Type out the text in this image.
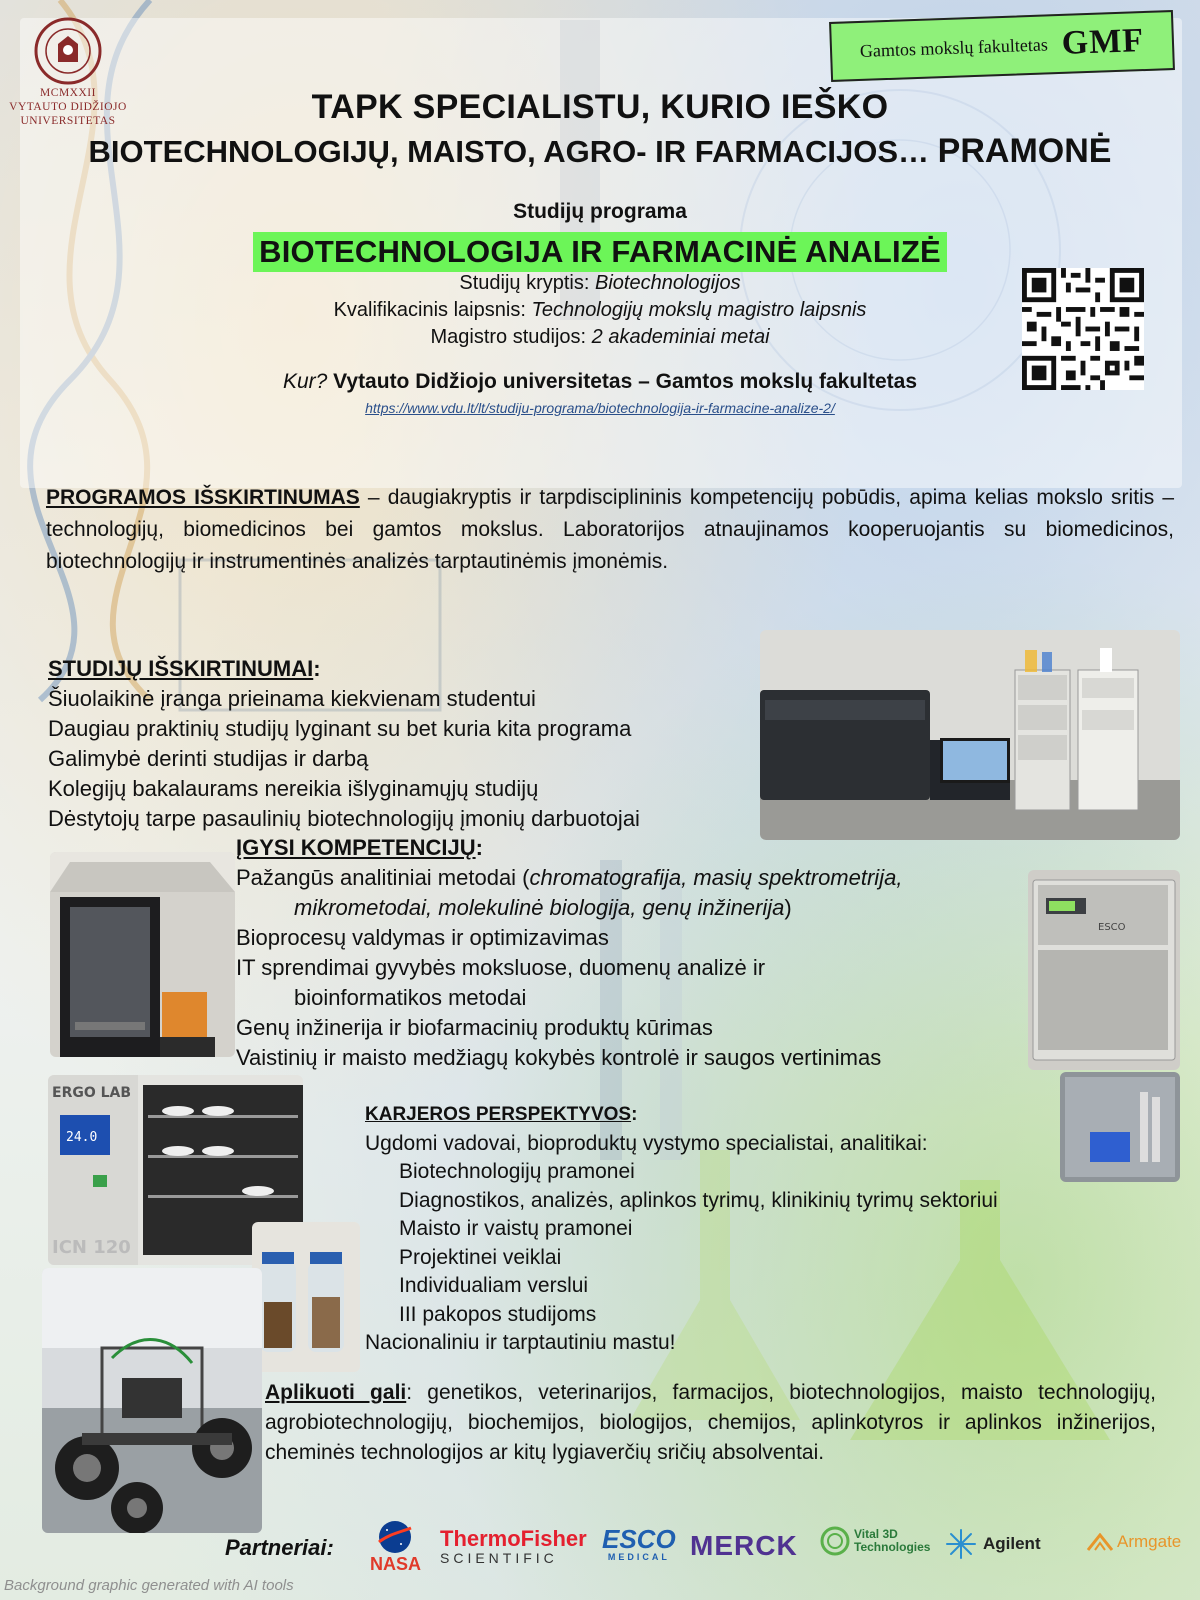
MCMXXII
VYTAUTO DIDŽIOJO
UNIVERSITETAS
Gamtos mokslų fakultetas GMF
TAPK SPECIALISTU, KURIO IEŠKO
BIOTECHNOLOGIJŲ, MAISTO, AGRO- IR FARMACIJOS… PRAMONĖ
Studijų programa
BIOTECHNOLOGIJA IR FARMACINĖ ANALIZĖ
Studijų kryptis: Biotechnologijos
Kvalifikacinis laipsnis: Technologijų mokslų magistro laipsnis
Magistro studijos: 2 akademiniai metai
Kur? Vytauto Didžiojo universitetas – Gamtos mokslų fakultetas
https://www.vdu.lt/lt/studiju-programa/biotechnologija-ir-farmacine-analize-2/
PROGRAMOS IŠSKIRTINUMAS – daugiakryptis ir tarpdisciplininis kompetencijų pobūdis, apima kelias mokslo sritis – technologijų, biomedicinos bei gamtos mokslus. Laboratorijos atnaujinamos kooperuojantis su biomedicinos, biotechnologijų ir instrumentinės analizės tarptautinėmis įmonėmis.
ESCO
ERGO LAB
24.0
ICN 120
STUDIJŲ IŠSKIRTINUMAI:
Šiuolaikinė įranga prieinama kiekvienam studentui
Daugiau praktinių studijų lyginant su bet kuria kita programa
Galimybė derinti studijas ir darbą
Kolegijų bakalaurams nereikia išlyginamųjų studijų
Dėstytojų tarpe pasaulinių biotechnologijų įmonių darbuotojai
ĮGYSI KOMPETENCIJŲ:
Pažangūs analitiniai metodai (chromatografija, masių spektrometrija,
mikrometodai, molekulinė biologija, genų inžinerija)
Bioprocesų valdymas ir optimizavimas
IT sprendimai gyvybės moksluose, duomenų analizė ir
bioinformatikos metodai
Genų inžinerija ir biofarmacinių produktų kūrimas
Vaistinių ir maisto medžiagų kokybės kontrolė ir saugos vertinimas
KARJEROS PERSPEKTYVOS:
Ugdomi vadovai, bioproduktų vystymo specialistai, analitikai:
Biotechnologijų pramonei
Diagnostikos, analizės, aplinkos tyrimų, klinikinių tyrimų sektoriui
Maisto ir vaistų pramonei
Projektinei veiklai
Individualiam verslui
III pakopos studijoms
Nacionaliniu ir tarptautiniu mastu!
Aplikuoti gali: genetikos, veterinarijos, farmacijos, biotechnologijos, maisto technologijų, agrobiotechnologijų, biochemijos, biologijos, chemijos, aplinkotyros ir aplinkos inžinerijos, cheminės technologijos ar kitų lygiaverčių sričių absolventai.
Partneriai:
NASA
ThermoFisher
SCIENTIFIC
ESCO
MEDICAL MERCK	Vital 3D
Technologies	Agilent	Armgate
Background graphic generated with AI tools
